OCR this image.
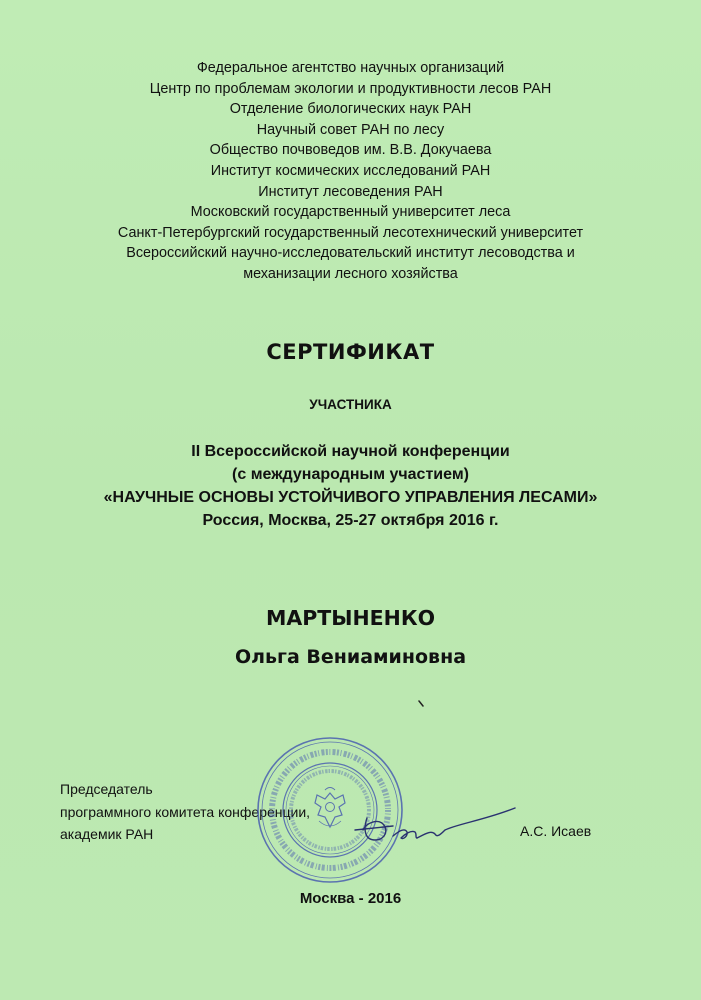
Федеральное агентство научных организаций
Центр по проблемам экологии и продуктивности лесов РАН
Отделение биологических наук РАН
Научный совет РАН по лесу
Общество почвоведов им. В.В. Докучаева
Институт космических исследований РАН
Институт лесоведения РАН
Московский государственный университет леса
Санкт-Петербургский государственный лесотехнический университет
Всероссийский научно-исследовательский институт лесоводства и
механизации лесного хозяйства
СЕРТИФИКАТ
УЧАСТНИКА
II Всероссийской научной конференции
(с международным участием)
«НАУЧНЫЕ ОСНОВЫ УСТОЙЧИВОГО УПРАВЛЕНИЯ ЛЕСАМИ»
Россия, Москва, 25-27 октября 2016 г.
МАРТЫНЕНКО
Ольга Вениаминовна
Председатель
программного комитета конференции,
академик РАН	А.С. Исаев
Москва - 2016
